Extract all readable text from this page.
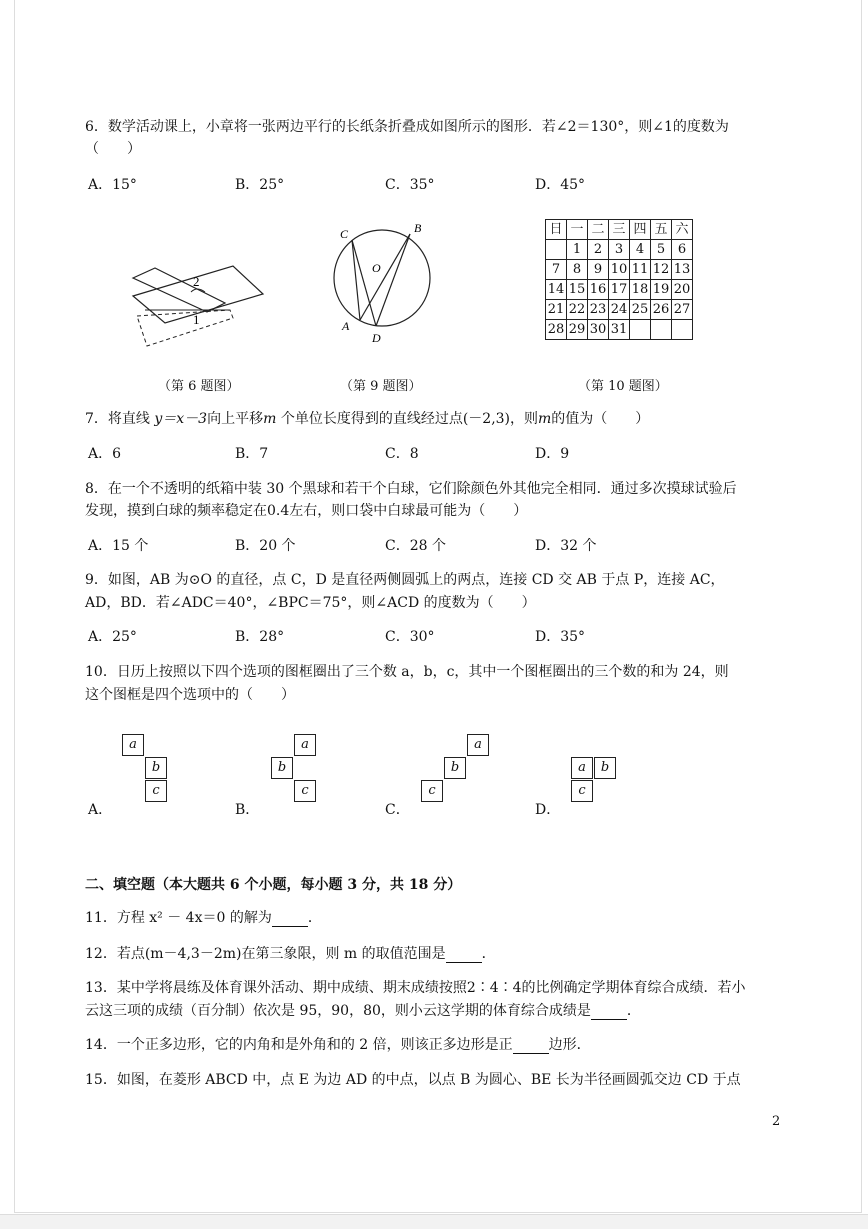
6．数学活动课上，小章将一张两边平行的长纸条折叠成如图所示的图形．若∠2＝130°，则∠1的度数为
（　　）
A．15°	B．25°	C．35°	D．45°
2
1
C	B
O
A
D
日	一	二	三	四	五	六
	1	2	3	4	5	6
7	8	9	10	11	12	13
14	15	16	17	18	19	20
21	22	23	24	25	26	27
28	29	30	31			
（第 6 题图）	（第 9 题图）	（第 10 题图）
7．将直线 y＝x－3向上平移m 个单位长度得到的直线经过点(－2,3)，则m的值为（　　）
A．6	B．7	C．8	D．9
8．在一个不透明的纸箱中装 30 个黑球和若干个白球，它们除颜色外其他完全相同．通过多次摸球试验后
发现，摸到白球的频率稳定在0.4左右，则口袋中白球最可能为（　　）
A．15 个	B．20 个	C．28 个	D．32 个
9．如图，AB 为⊙O 的直径，点 C，D 是直径两侧圆弧上的两点，连接 CD 交 AB 于点 P，连接 AC，
AD，BD．若∠ADC＝40°，∠BPC＝75°，则∠ACD 的度数为（　　）
A．25°	B．28°	C．30°	D．35°
10．日历上按照以下四个选项的图框圈出了三个数 a，b，c，其中一个图框圈出的三个数的和为 24，则
这个图框是四个选项中的（　　）
a
b
c
A．
a
b
c
B．
a
b
c
C．
a	b
c
D．
二、填空题（本大题共 6 个小题，每小题 3 分，共 18 分）
11．方程 x² － 4x＝0 的解为	．
12．若点(m－4,3－2m)在第三象限，则 m 的取值范围是	．
13．某中学将晨练及体育课外活动、期中成绩、期末成绩按照2∶4∶4的比例确定学期体育综合成绩．若小
云这三项的成绩（百分制）依次是 95，90，80，则小云这学期的体育综合成绩是	．
14．一个正多边形，它的内角和是外角和的 2 倍，则该正多边形是正	边形．
15．如图，在菱形 ABCD 中，点 E 为边 AD 的中点，以点 B 为圆心、BE 长为半径画圆弧交边 CD 于点
2
